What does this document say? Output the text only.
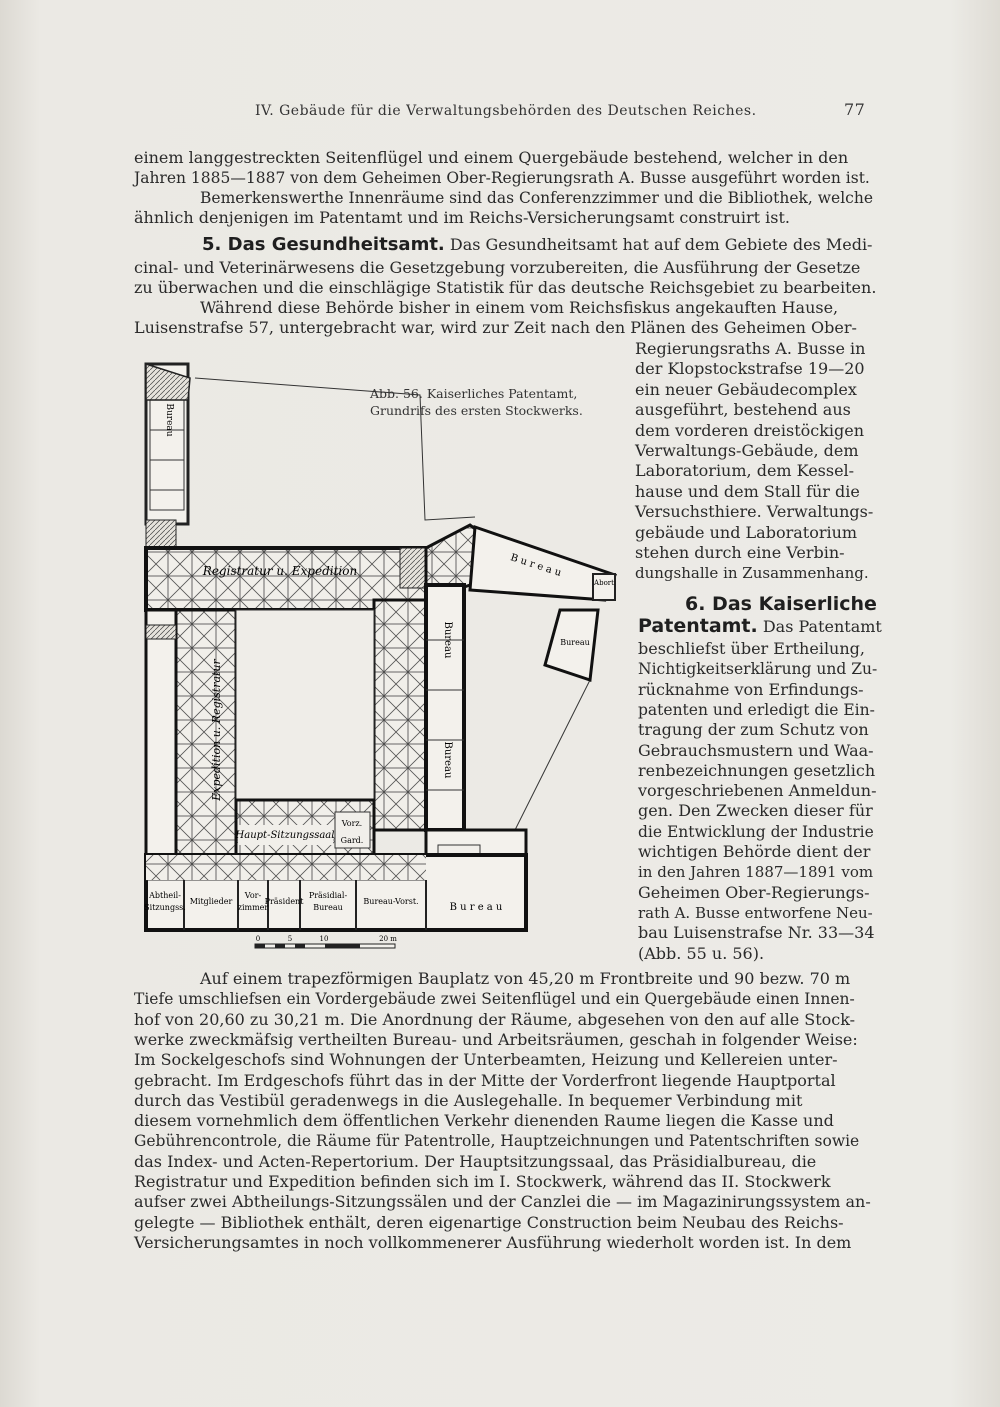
IV. Gebäude für die Verwaltungsbehörden des Deutschen Reiches.	77
einem langgestreckten Seitenflügel und einem Quergebäude bestehend, welcher in den
Jahren 1885—1887 von dem Geheimen Ober-Regierungsrath A. Busse ausgeführt worden ist.
Bemerkenswerthe Innenräume sind das Conferenzzimmer und die Bibliothek, welche
ähnlich denjenigen im Patentamt und im Reichs-Versicherungsamt construirt ist.
5. Das Gesundheitsamt. Das Gesundheitsamt hat auf dem Gebiete des Medi-
cinal- und Veterinärwesens die Gesetzgebung vorzubereiten, die Ausführung der Gesetze
zu überwachen und die einschlägige Statistik für das deutsche Reichsgebiet zu bearbeiten.
Während diese Behörde bisher in einem vom Reichsfiskus angekauften Hause,
Luisenstrafse 57, untergebracht war, wird zur Zeit nach den Plänen des Geheimen Ober-
Regierungsraths A. Busse in
der Klopstockstrafse 19—20
ein neuer Gebäudecomplex
ausgeführt, bestehend aus
dem vorderen dreistöckigen
Verwaltungs-Gebäude, dem
Laboratorium, dem Kessel-
hause und dem Stall für die
Versuchsthiere. Verwaltungs-
gebäude und Laboratorium
stehen durch eine Verbin-
dungshalle in Zusammenhang.
6. Das Kaiserliche
Patentamt. Das Patentamt
beschliefst über Ertheilung,
Nichtigkeitserklärung und Zu-
rücknahme von Erfindungs-
patenten und erledigt die Ein-
tragung der zum Schutz von
Gebrauchsmustern und Waa-
renbezeichnungen gesetzlich
vorgeschriebenen Anmeldun-
gen. Den Zwecken dieser für
die Entwicklung der Industrie
wichtigen Behörde dient der
in den Jahren 1887—1891 vom
Geheimen Ober-Regierungs-
rath A. Busse entworfene Neu-
bau Luisenstrafse Nr. 33—34
(Abb. 55 u. 56).
Auf einem trapezförmigen Bauplatz von 45,20 m Frontbreite und 90 bezw. 70 m
Tiefe umschliefsen ein Vordergebäude zwei Seitenflügel und ein Quergebäude einen Innen-
hof von 20,60 zu 30,21 m. Die Anordnung der Räume, abgesehen von den auf alle Stock-
werke zweckmäfsig vertheilten Bureau- und Arbeitsräumen, geschah in folgender Weise:
Im Sockelgeschofs sind Wohnungen der Unterbeamten, Heizung und Kellereien unter-
gebracht. Im Erdgeschofs führt das in der Mitte der Vorderfront liegende Hauptportal
durch das Vestibül geradenwegs in die Auslegehalle. In bequemer Verbindung mit
diesem vornehmlich dem öffentlichen Verkehr dienenden Raume liegen die Kasse und
Gebührencontrole, die Räume für Patentrolle, Hauptzeichnungen und Patentschriften sowie
das Index- und Acten-Repertorium. Der Hauptsitzungssaal, das Präsidialbureau, die
Registratur und Expedition befinden sich im I. Stockwerk, während das II. Stockwerk
aufser zwei Abtheilungs-Sitzungssälen und der Canzlei die — im Magazinirungssystem an-
gelegte — Bibliothek enthält, deren eigenartige Construction beim Neubau des Reichs-
Versicherungsamtes in noch vollkommenerer Ausführung wiederholt worden ist. In dem
Abb. 56. Kaiserliches Patentamt,
Grundrifs des ersten Stockwerks.
Bureau
Registratur u. Expedition	B u r e a u
Abort
Bureau
Bureau
Bureau
Expedition u. Registratur
Haupt-Sitzungssaal
Vorz.
Gard.
Abtheil-
Sitzungss.
Mitglieder
Vor-
zimmer
Präsident
Präsidial-
Bureau
Bureau-Vorst.
B u r e a u
0	5	10	20 m
